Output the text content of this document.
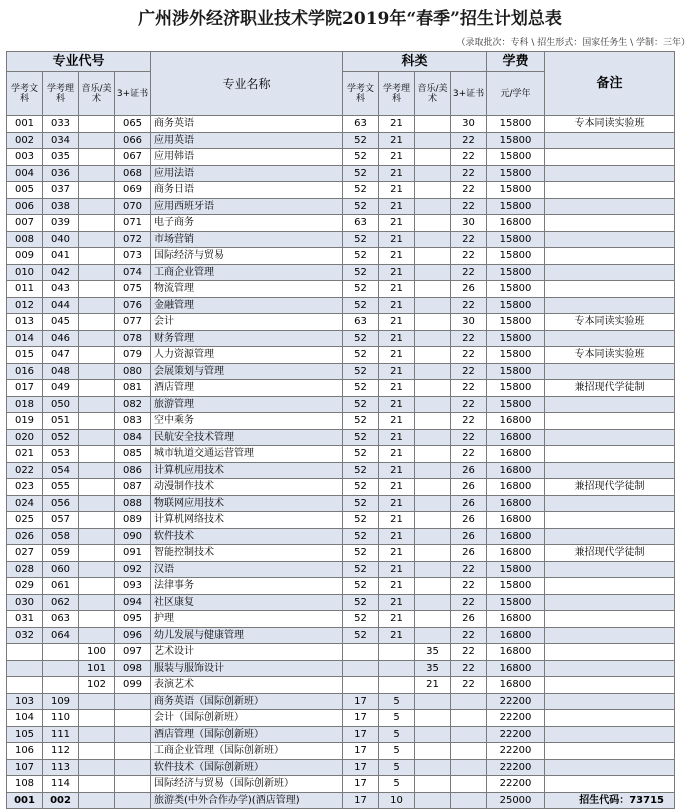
广州涉外经济职业技术学院2019年“春季”招生计划总表
（录取批次：专科 \ 招生形式：国家任务生 \ 学制：三年）
专业代号				专业名称	科类				学费	备注
学考文科	学考理科	音乐/美术	3+证书		学考文科	学考理科	音乐/美术	3+证书	元/学年	
001	033		065	商务英语	63	21		30	15800	专本同读实验班
002	034		066	应用英语	52	21		22	15800	
003	035		067	应用韩语	52	21		22	15800	
004	036		068	应用法语	52	21		22	15800	
005	037		069	商务日语	52	21		22	15800	
006	038		070	应用西班牙语	52	21		22	15800	
007	039		071	电子商务	63	21		30	16800	
008	040		072	市场营销	52	21		22	15800	
009	041		073	国际经济与贸易	52	21		22	15800	
010	042		074	工商企业管理	52	21		22	15800	
011	043		075	物流管理	52	21		26	15800	
012	044		076	金融管理	52	21		22	15800	
013	045		077	会计	63	21		30	15800	专本同读实验班
014	046		078	财务管理	52	21		22	15800	
015	047		079	人力资源管理	52	21		22	15800	专本同读实验班
016	048		080	会展策划与管理	52	21		22	15800	
017	049		081	酒店管理	52	21		22	15800	兼招现代学徒制
018	050		082	旅游管理	52	21		22	15800	
019	051		083	空中乘务	52	21		22	16800	
020	052		084	民航安全技术管理	52	21		22	16800	
021	053		085	城市轨道交通运营管理	52	21		22	16800	
022	054		086	计算机应用技术	52	21		26	16800	
023	055		087	动漫制作技术	52	21		26	16800	兼招现代学徒制
024	056		088	物联网应用技术	52	21		26	16800	
025	057		089	计算机网络技术	52	21		26	16800	
026	058		090	软件技术	52	21		26	16800	
027	059		091	智能控制技术	52	21		26	16800	兼招现代学徒制
028	060		092	汉语	52	21		22	15800	
029	061		093	法律事务	52	21		22	15800	
030	062		094	社区康复	52	21		22	15800	
031	063		095	护理	52	21		26	16800	
032	064		096	幼儿发展与健康管理	52	21		22	16800	
		100	097	艺术设计			35	22	16800	
		101	098	服装与服饰设计			35	22	16800	
		102	099	表演艺术			21	22	16800	
103	109			商务英语（国际创新班）	17	5			22200	
104	110			会计（国际创新班）	17	5			22200	
105	111			酒店管理（国际创新班）	17	5			22200	
106	112			工商企业管理（国际创新班）	17	5			22200	
107	113			软件技术（国际创新班）	17	5			22200	
108	114			国际经济与贸易（国际创新班）	17	5			22200	
001	002			旅游类(中外合作办学)(酒店管理)	17	10			25000	招生代码：73715
